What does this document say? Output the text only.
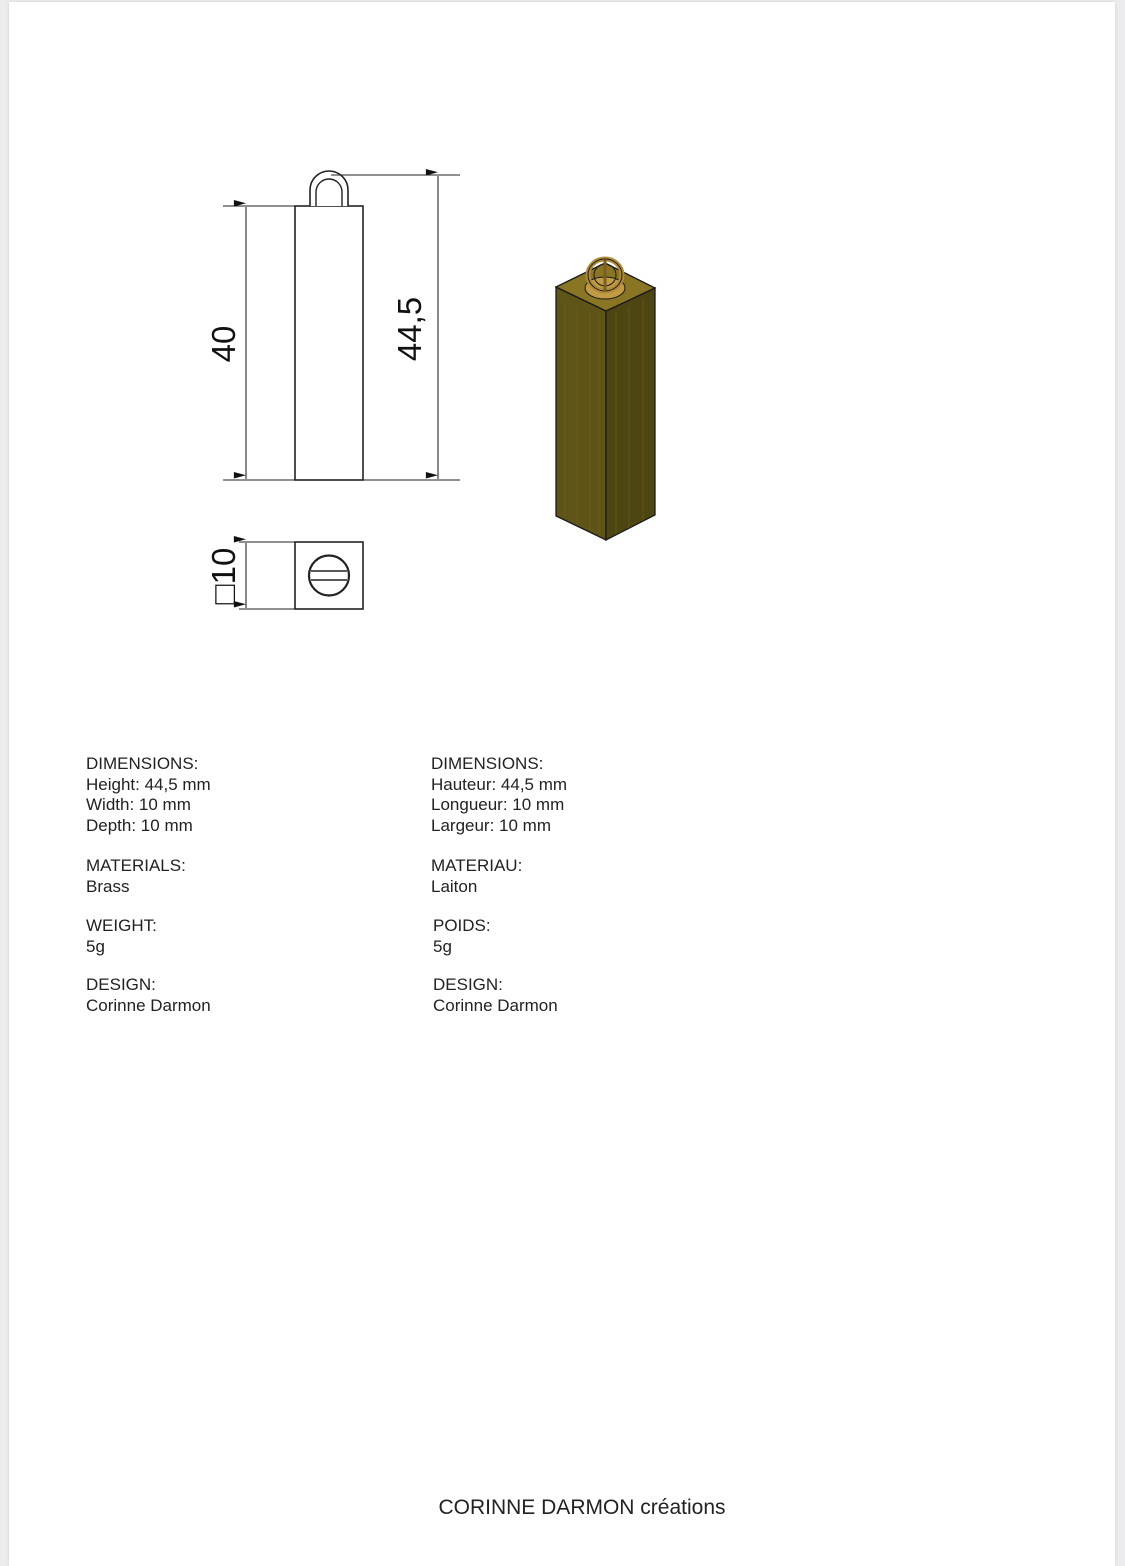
40	44,5
□10
DIMENSIONS:
Height: 44,5 mm
Width: 10 mm
Depth: 10 mm
MATERIALS:
Brass
WEIGHT:
5g
DESIGN:
Corinne Darmon
DIMENSIONS:
Hauteur: 44,5 mm
Longueur: 10 mm
Largeur: 10 mm
MATERIAU:
Laiton
POIDS:
5g
DESIGN:
Corinne Darmon
CORINNE DARMON créations
